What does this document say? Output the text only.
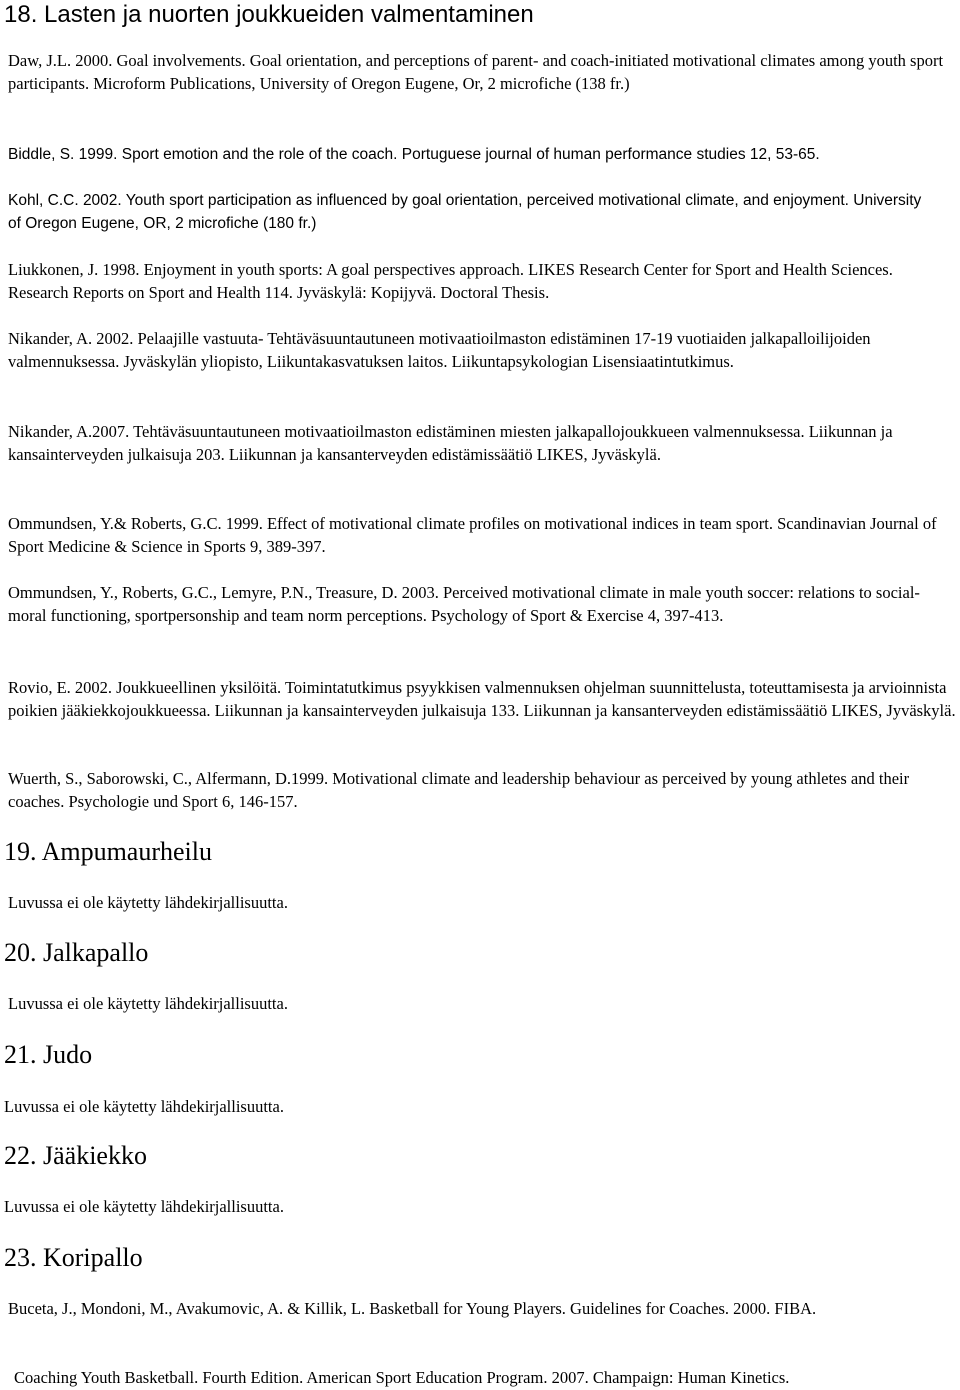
18. Lasten ja nuorten joukkueiden valmentaminen

Daw, J.L. 2000. Goal involvements. Goal orientation, and perceptions of parent- and coach-initiated motivational climates among youth sport participants. Microform Publications, University of Oregon Eugene, Or, 2 microfiche (138 fr.)

Biddle, S. 1999. Sport emotion and the role of the coach. Portuguese journal of human performance studies 12, 53-65.

Kohl, C.C. 2002. Youth sport participation as influenced by goal orientation, perceived motivational climate, and enjoyment. University of Oregon Eugene, OR, 2 microfiche (180 fr.)

Liukkonen, J. 1998. Enjoyment in youth sports: A goal perspectives approach. LIKES Research Center for Sport and Health Sciences. Research Reports on Sport and Health 114. Jyväskylä: Kopijyvä. Doctoral Thesis.

Nikander, A. 2002. Pelaajille vastuuta- Tehtäväsuuntautuneen motivaatioilmaston edistäminen 17-19 vuotiaiden jalkapalloilijoiden valmennuksessa. Jyväskylän yliopisto, Liikuntakasvatuksen laitos. Liikuntapsykologian Lisensiaatintutkimus.

Nikander, A.2007. Tehtäväsuuntautuneen motivaatioilmaston edistäminen miesten jalkapallojoukkueen valmennuksessa. Liikunnan ja kansainterveyden julkaisuja 203. Liikunnan ja kansanterveyden edistämissäätiö LIKES, Jyväskylä.

Ommundsen, Y.& Roberts, G.C. 1999. Effect of motivational climate profiles on motivational indices in team sport. Scandinavian Journal of Sport Medicine & Science in Sports 9, 389-397.

Ommundsen, Y., Roberts, G.C., Lemyre, P.N., Treasure, D. 2003. Perceived motivational climate in male youth soccer: relations to social-moral functioning, sportpersonship and team norm perceptions. Psychology of Sport & Exercise 4, 397-413.

Rovio, E. 2002. Joukkueellinen yksilöitä. Toimintatutkimus psyykkisen valmennuksen ohjelman suunnittelusta, toteuttamisesta ja arvioinnista poikien jääkiekkojoukkueessa. Liikunnan ja kansainterveyden julkaisuja 133. Liikunnan ja kansanterveyden edistämissäätiö LIKES, Jyväskylä.

Wuerth, S., Saborowski, C., Alfermann, D.1999. Motivational climate and leadership behaviour as perceived by young athletes and their coaches. Psychologie und Sport 6, 146-157.

19. Ampumaurheilu

Luvussa ei ole käytetty lähdekirjallisuutta.

20. Jalkapallo

Luvussa ei ole käytetty lähdekirjallisuutta.

21. Judo

Luvussa ei ole käytetty lähdekirjallisuutta.

22. Jääkiekko

Luvussa ei ole käytetty lähdekirjallisuutta.

23. Koripallo

Buceta, J., Mondoni, M., Avakumovic, A. & Killik, L. Basketball for Young Players. Guidelines for Coaches. 2000. FIBA.

Coaching Youth Basketball. Fourth Edition. American Sport Education Program. 2007. Champaign: Human Kinetics.
